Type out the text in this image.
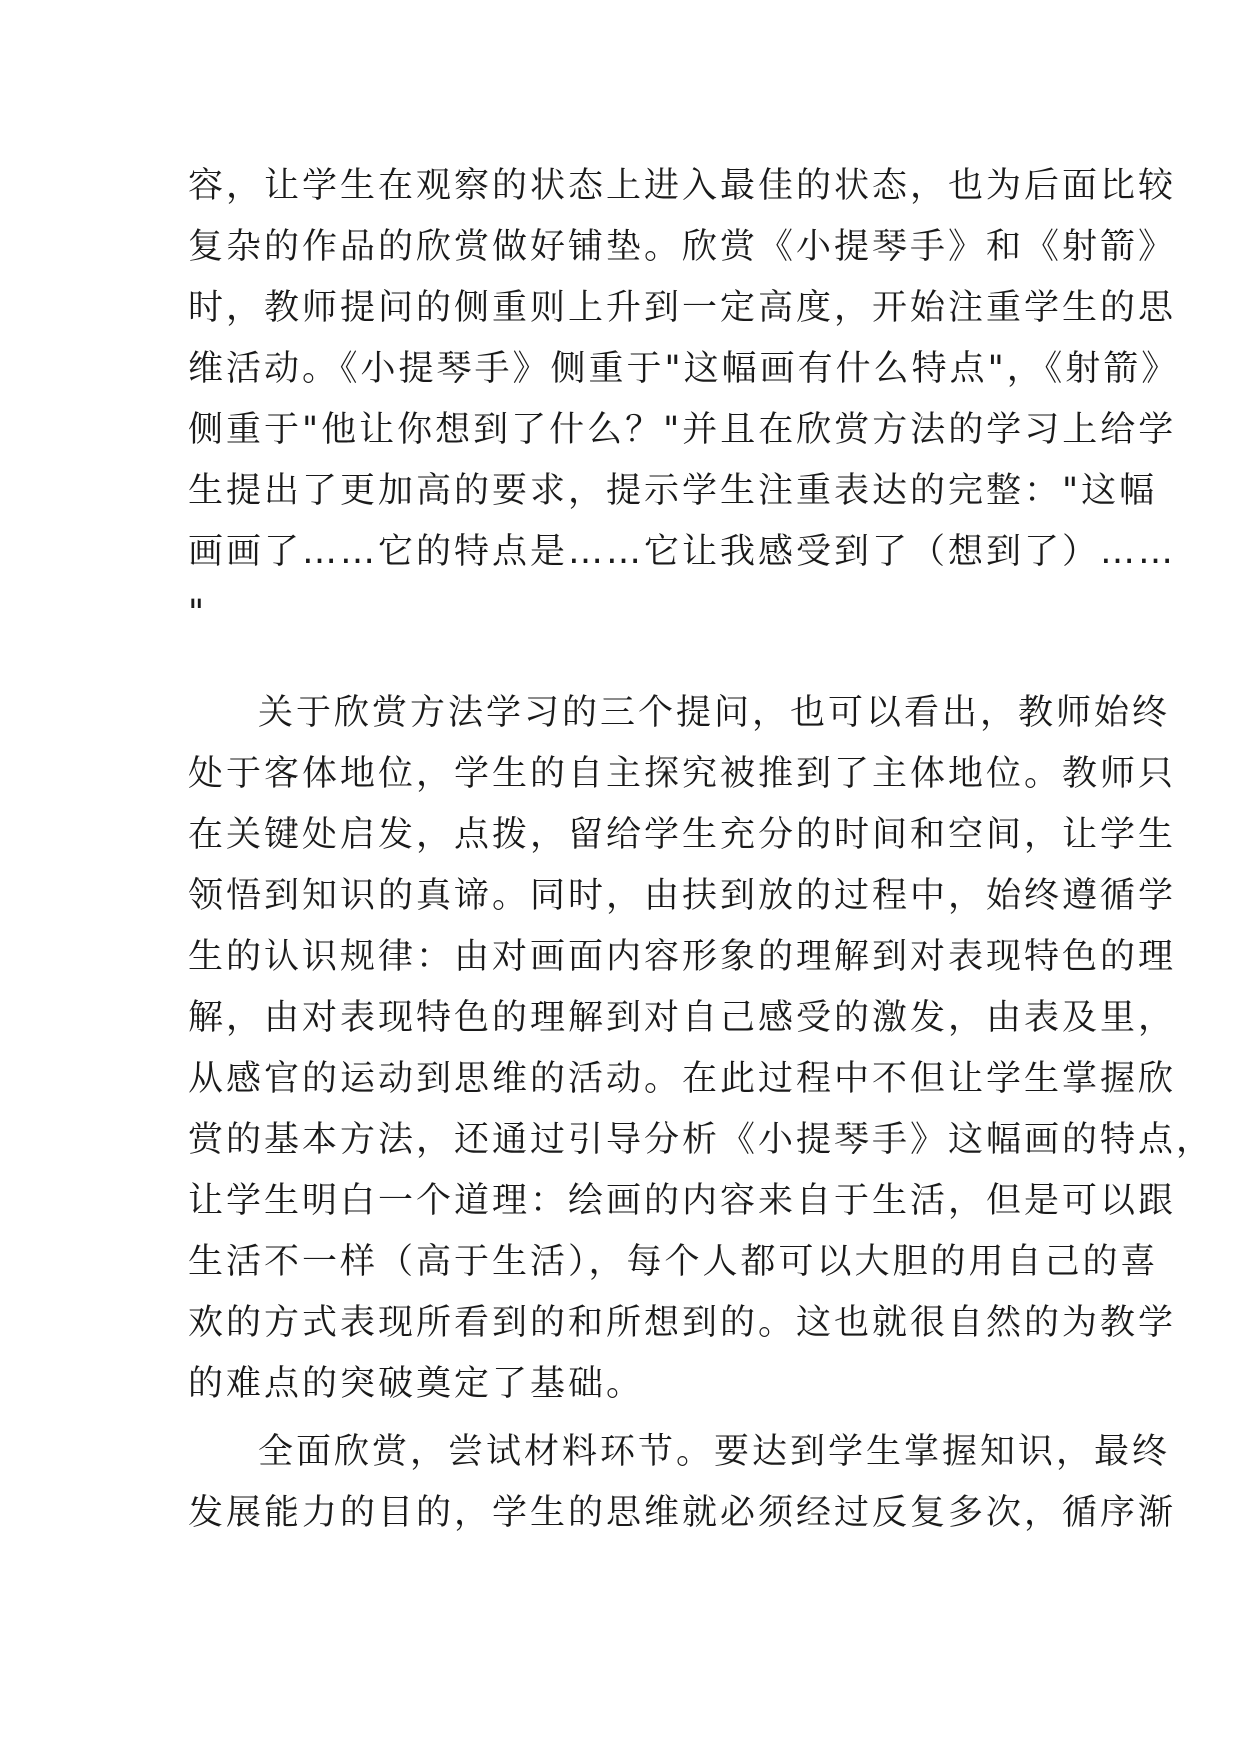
容，让学生在观察的状态上进入最佳的状态，也为后面比较
复杂的作品的欣赏做好铺垫。欣赏《小提琴手》和《射箭》
时，教师提问的侧重则上升到一定高度，开始注重学生的思
维活动。《小提琴手》侧重于"这幅画有什么特点"，《射箭》
侧重于"他让你想到了什么？"并且在欣赏方法的学习上给学
生提出了更加高的要求，提示学生注重表达的完整："这幅
画画了……它的特点是……它让我感受到了（想到了）……
"
关于欣赏方法学习的三个提问，也可以看出，教师始终
处于客体地位，学生的自主探究被推到了主体地位。教师只
在关键处启发，点拨，留给学生充分的时间和空间，让学生
领悟到知识的真谛。同时，由扶到放的过程中，始终遵循学
生的认识规律：由对画面内容形象的理解到对表现特色的理
解，由对表现特色的理解到对自己感受的激发，由表及里，
从感官的运动到思维的活动。在此过程中不但让学生掌握欣
赏的基本方法，还通过引导分析《小提琴手》这幅画的特点，
让学生明白一个道理：绘画的内容来自于生活，但是可以跟
生活不一样（高于生活），每个人都可以大胆的用自己的喜
欢的方式表现所看到的和所想到的。这也就很自然的为教学
的难点的突破奠定了基础。
全面欣赏，尝试材料环节。要达到学生掌握知识，最终
发展能力的目的，学生的思维就必须经过反复多次，循序渐
